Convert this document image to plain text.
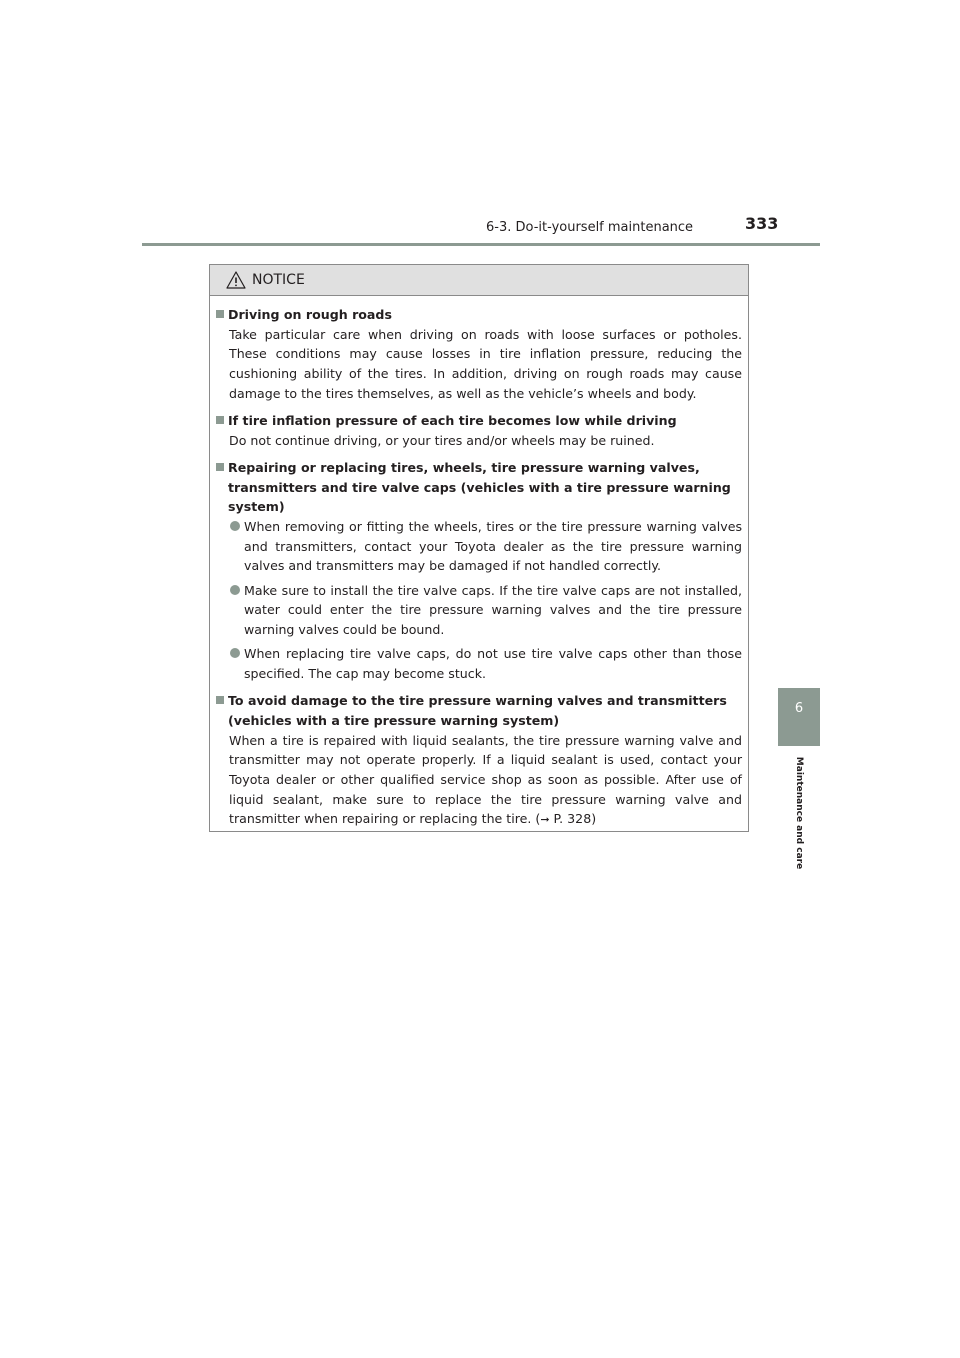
6-3. Do-it-yourself maintenance	333
6
Maintenance and care
NOTICE
Driving on rough roads
Take particular care when driving on roads with loose surfaces or potholes. These conditions may cause losses in tire inflation pressure, reducing the cushioning ability of the tires. In addition, driving on rough roads may cause damage to the tires themselves, as well as the vehicle’s wheels and body.
If tire inflation pressure of each tire becomes low while driving
Do not continue driving, or your tires and/or wheels may be ruined.
Repairing or replacing tires, wheels, tire pressure warning valves, transmitters and tire valve caps (vehicles with a tire pressure warning system)
When removing or fitting the wheels, tires or the tire pressure warning valves and transmitters, contact your Toyota dealer as the tire pressure warning valves and transmitters may be damaged if not handled correctly.
Make sure to install the tire valve caps. If the tire valve caps are not installed, water could enter the tire pressure warning valves and the tire pressure warning valves could be bound.
When replacing tire valve caps, do not use tire valve caps other than those specified. The cap may become stuck.
To avoid damage to the tire pressure warning valves and transmitters (vehicles with a tire pressure warning system)
When a tire is repaired with liquid sealants, the tire pressure warning valve and transmitter may not operate properly. If a liquid sealant is used, contact your Toyota dealer or other qualified service shop as soon as possible. After use of liquid sealant, make sure to replace the tire pressure warning valve and transmitter when repairing or replacing the tire. (➞ P. 328)
